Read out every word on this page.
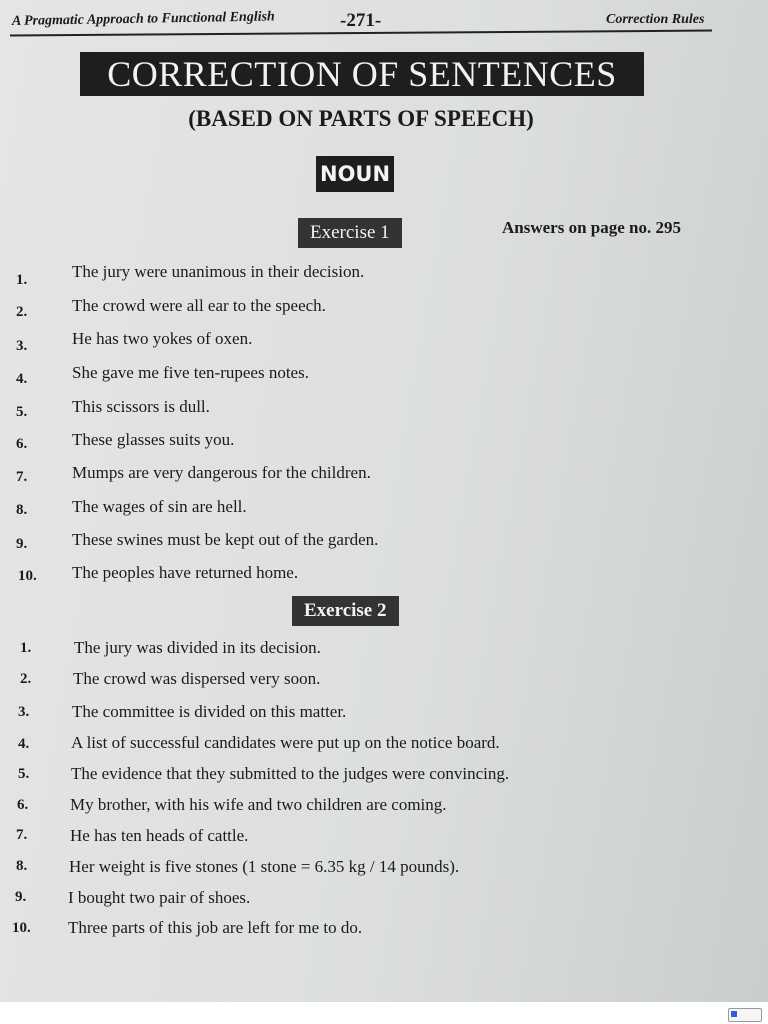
A Pragmatic Approach to Functional English	-271-	Correction Rules
CORRECTION OF SENTENCES
(BASED ON PARTS OF SPEECH)
NOUN
Exercise 1	Answers on page no. 295
1.	The jury were unanimous in their decision.
2.	The crowd were all ear to the speech.
3.	He has two yokes of oxen.
4.	She gave me five ten-rupees notes.
5.	This scissors is dull.
6.	These glasses suits you.
7.	Mumps are very dangerous for the children.
8.	The wages of sin are hell.
9.	These swines must be kept out of the garden.
10. The peoples have returned home.
Exercise 2
1.	The jury was divided in its decision.
2. The crowd was dispersed very soon.
3.	The committee is divided on this matter.
4. A list of successful candidates were put up on the notice board.
5. The evidence that they submitted to the judges were convincing.
6. My brother, with his wife and two children are coming.
7.	He has ten heads of cattle.
8. Her weight is five stones (1 stone = 6.35 kg / 14 pounds).
9. I bought two pair of shoes.
10. Three parts of this job are left for me to do.
